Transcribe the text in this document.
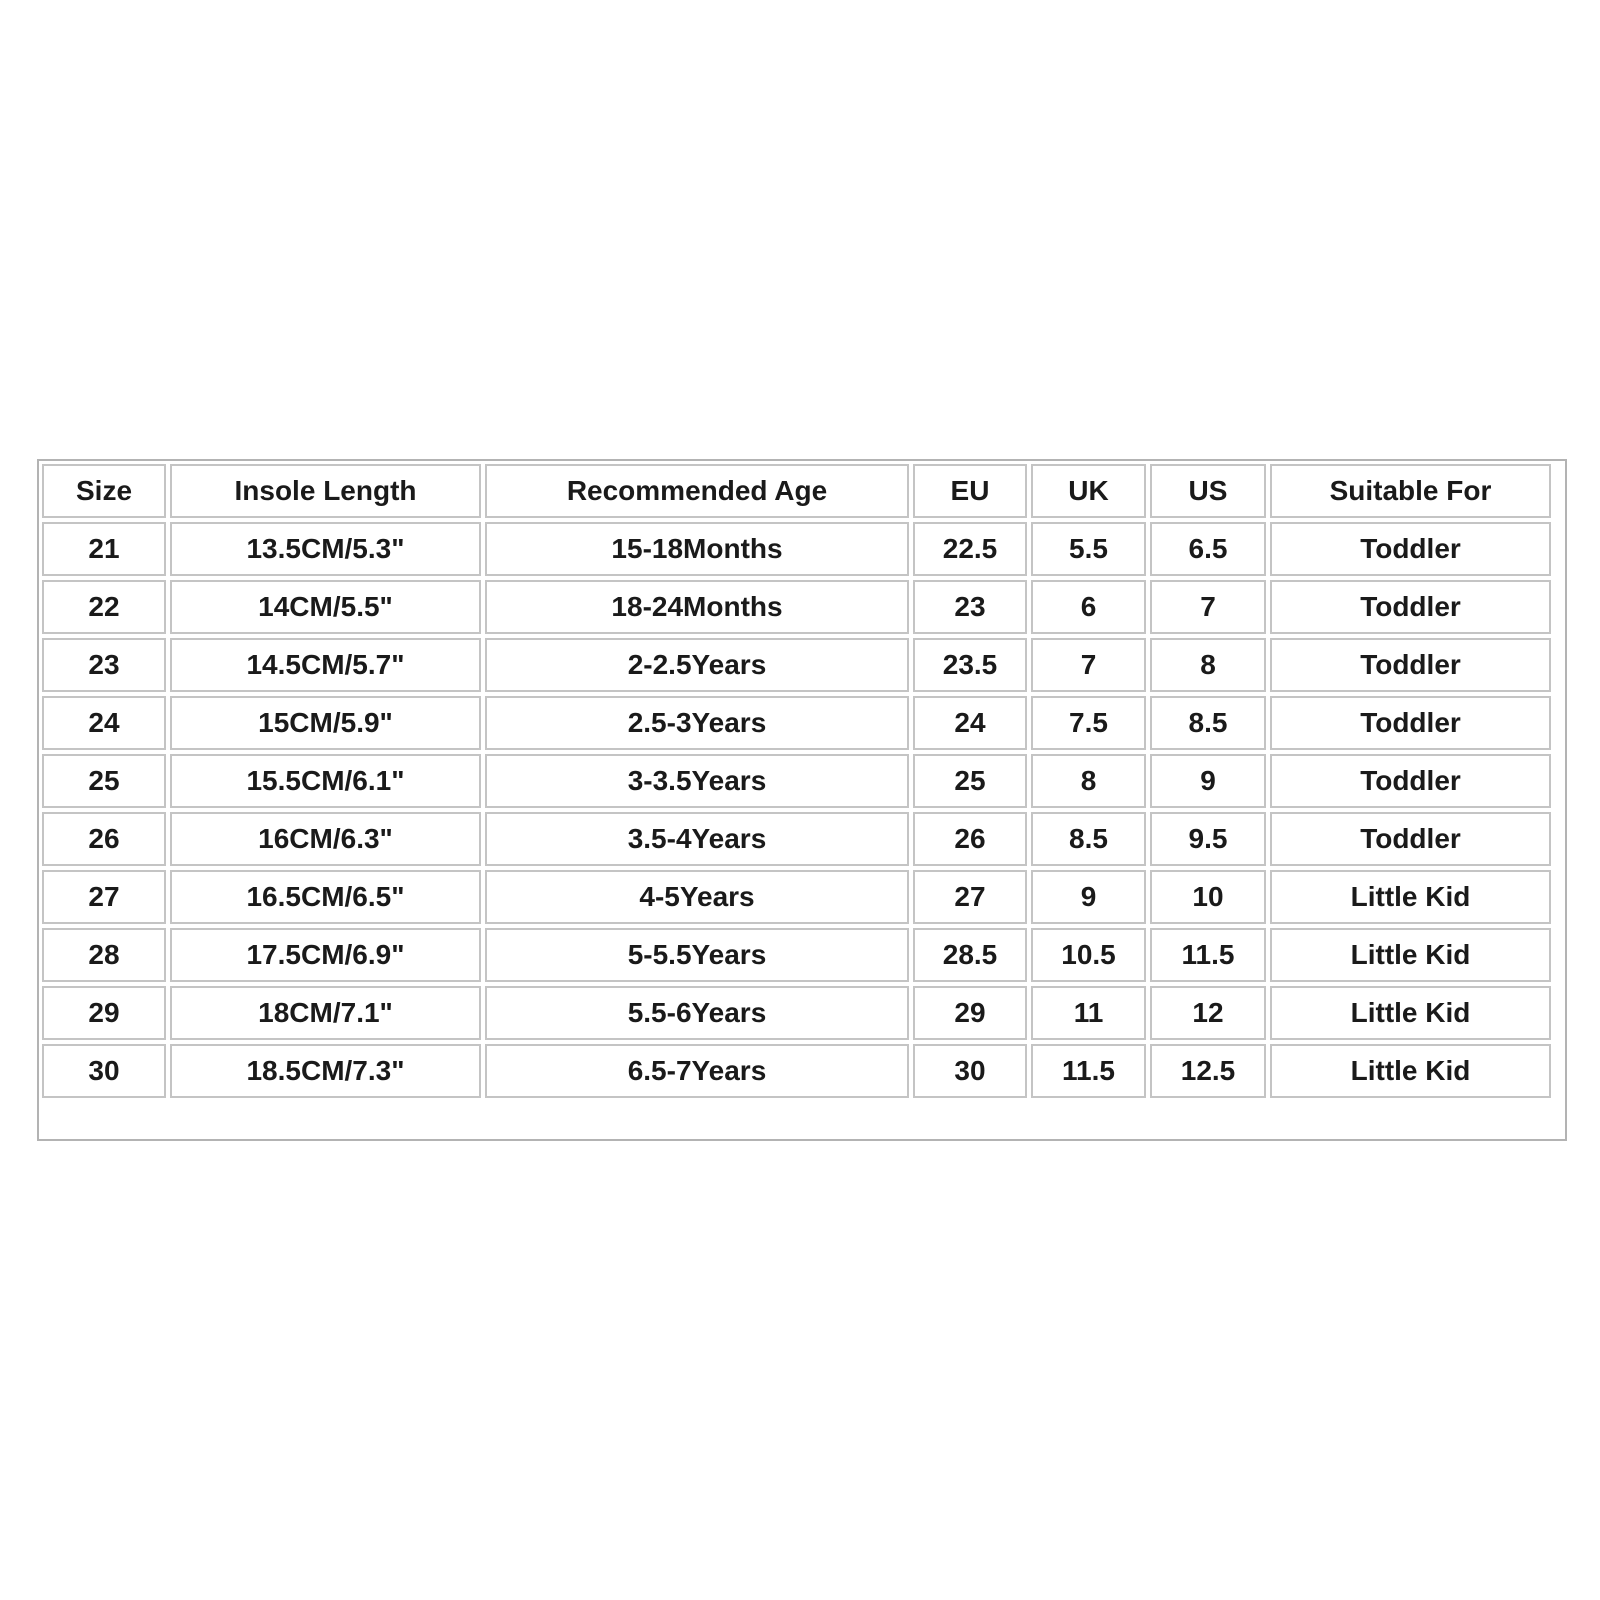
Size	Insole Length	Recommended Age	EU	UK	US	Suitable For
21	13.5CM/5.3"	15-18Months	22.5	5.5	6.5	Toddler
22	14CM/5.5"	18-24Months	23	6	7	Toddler
23	14.5CM/5.7"	2-2.5Years	23.5	7	8	Toddler
24	15CM/5.9"	2.5-3Years	24	7.5	8.5	Toddler
25	15.5CM/6.1"	3-3.5Years	25	8	9	Toddler
26	16CM/6.3"	3.5-4Years	26	8.5	9.5	Toddler
27	16.5CM/6.5"	4-5Years	27	9	10	Little Kid
28	17.5CM/6.9"	5-5.5Years	28.5	10.5	11.5	Little Kid
29	18CM/7.1"	5.5-6Years	29	11	12	Little Kid
30	18.5CM/7.3"	6.5-7Years	30	11.5	12.5	Little Kid
